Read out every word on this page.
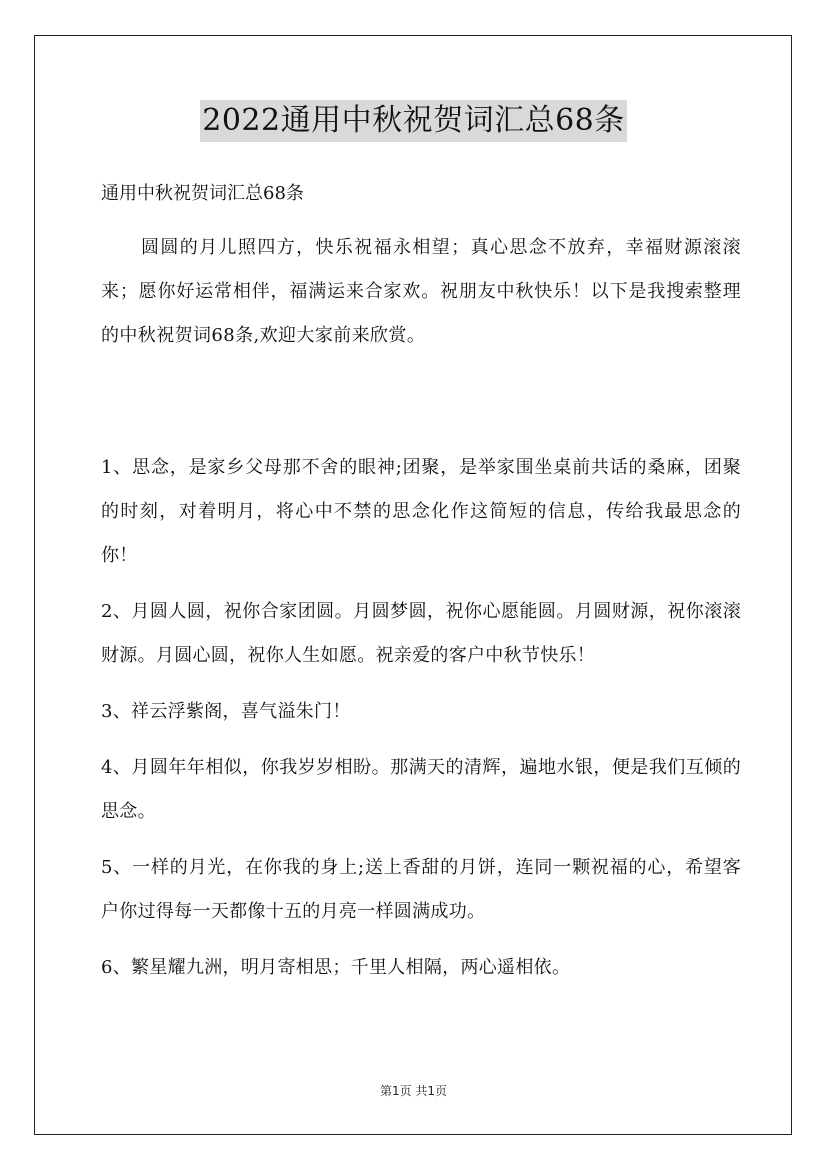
2022通用中秋祝贺词汇总68条

通用中秋祝贺词汇总68条

圆圆的月儿照四方，快乐祝福永相望；真心思念不放弃，幸福财源滚滚来；愿你好运常相伴，福满运来合家欢。祝朋友中秋快乐！以下是我搜索整理的中秋祝贺词68条,欢迎大家前来欣赏。

1、思念，是家乡父母那不舍的眼神;团聚，是举家围坐桌前共话的桑麻，团聚的时刻，对着明月，将心中不禁的思念化作这简短的信息，传给我最思念的你！

2、月圆人圆，祝你合家团圆。月圆梦圆，祝你心愿能圆。月圆财源，祝你滚滚财源。月圆心圆，祝你人生如愿。祝亲爱的客户中秋节快乐！

3、祥云浮紫阁，喜气溢朱门！

4、月圆年年相似，你我岁岁相盼。那满天的清辉，遍地水银，便是我们互倾的思念。

5、一样的月光，在你我的身上;送上香甜的月饼，连同一颗祝福的心，希望客户你过得每一天都像十五的月亮一样圆满成功。

6、繁星耀九洲，明月寄相思；千里人相隔，两心遥相依。

第1页 共1页
